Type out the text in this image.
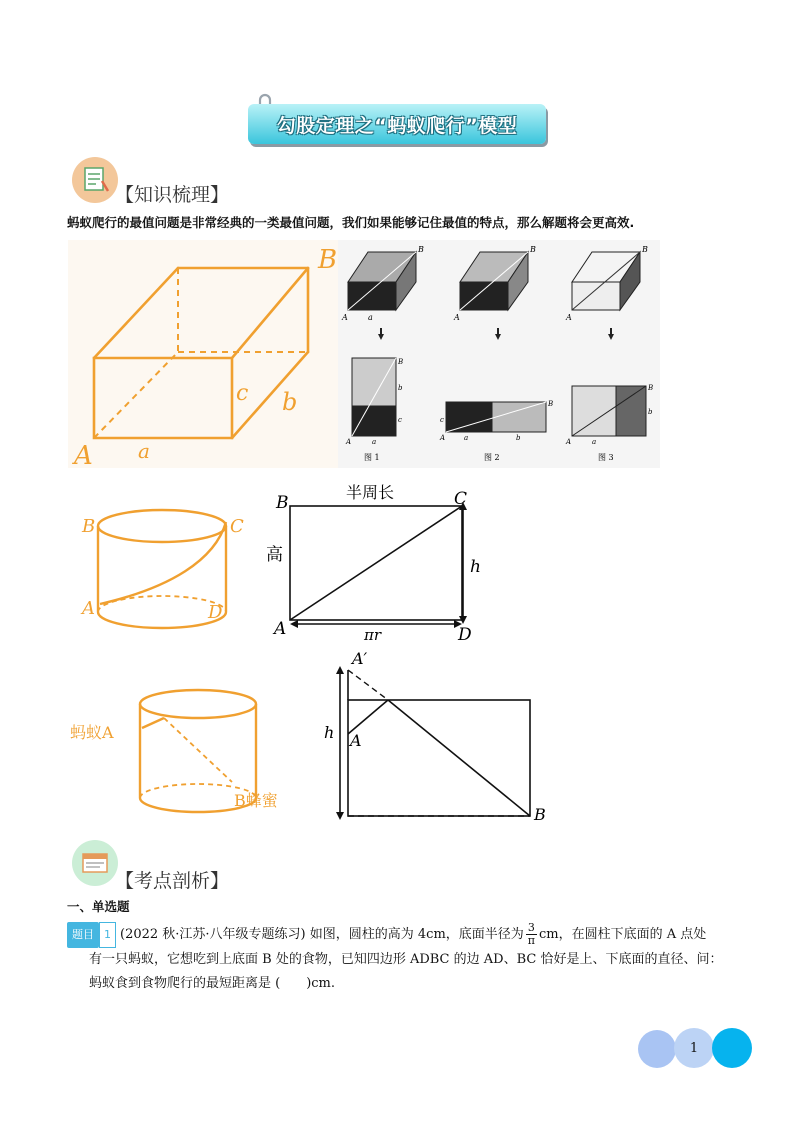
勾股定理之“蚂蚁爬行”模型
【知识梳理】
蚂蚁爬行的最值问题是非常经典的一类最值问题，我们如果能够记住最值的特点，那么解题将会更高效.
A a
B
c b
A	a
B
A
B
A
B
B
b
c
A	a
B
c
A	a	b
B
b
A	a
图 1	图 2	图 3
B	C
A	D
半周长
高
h
πr
B	C
A	D
蚂蚁A
B蜂蜜
A′
A
h
B
【考点剖析】
一、单选题
题目 1 (2022 秋·江苏·八年级专题练习) 如图，圆柱的高为 4cm，底面半径为 $\frac{3}{\pi}$ cm，在圆柱下底面的 A 点处
有一只蚂蚁，它想吃到上底面 B 处的食物，已知四边形 ADBC 的边 AD、BC 恰好是上、下底面的直径、问：
蚂蚁食到食物爬行的最短距离是 (　　)cm.
1
